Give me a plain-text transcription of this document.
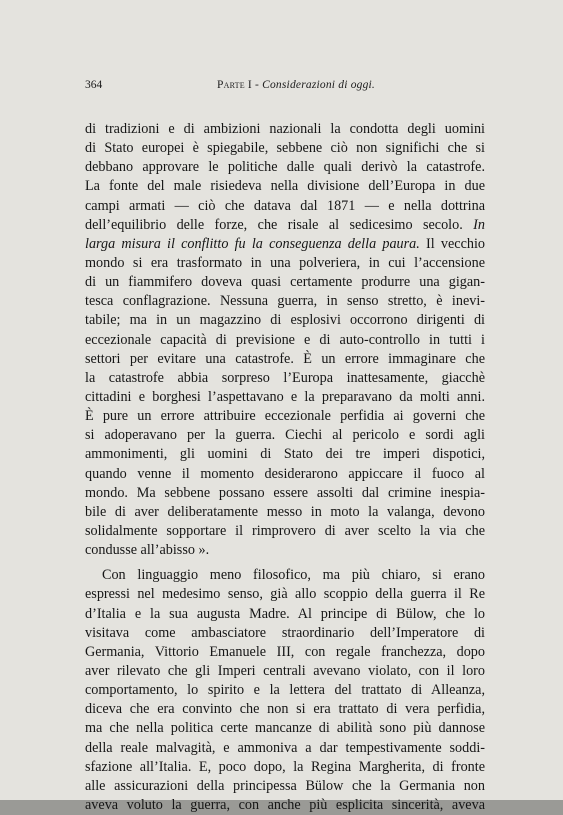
364	Parte I - Considerazioni di oggi.
di tradizioni e di ambizioni nazionali la condotta degli uomini
di Stato europei è spiegabile, sebbene ciò non significhi che si
debbano approvare le politiche dalle quali derivò la catastrofe.
La fonte del male risiedeva nella divisione dell’Europa in due
campi armati — ciò che datava dal 1871 — e nella dottrina
dell’equilibrio delle forze, che risale al sedicesimo secolo. In
larga misura il conflitto fu la conseguenza della paura. Il vecchio
mondo si era trasformato in una polveriera, in cui l’accensione
di un fiammifero doveva quasi certamente produrre una gigan-
tesca conflagrazione. Nessuna guerra, in senso stretto, è inevi-
tabile; ma in un magazzino di esplosivi occorrono dirigenti di
eccezionale capacità di previsione e di auto-controllo in tutti i
settori per evitare una catastrofe. È un errore immaginare che
la catastrofe abbia sorpreso l’Europa inattesamente, giacchè
cittadini e borghesi l’aspettavano e la preparavano da molti anni.
È pure un errore attribuire eccezionale perfidia ai governi che
si adoperavano per la guerra. Ciechi al pericolo e sordi agli
ammonimenti, gli uomini di Stato dei tre imperi dispotici,
quando venne il momento desiderarono appiccare il fuoco al
mondo. Ma sebbene possano essere assolti dal crimine inespia-
bile di aver deliberatamente messo in moto la valanga, devono
solidalmente sopportare il rimprovero di aver scelto la via che
condusse all’abisso ».
Con linguaggio meno filosofico, ma più chiaro, si erano
espressi nel medesimo senso, già allo scoppio della guerra il Re
d’Italia e la sua augusta Madre. Al principe di Bülow, che lo
visitava come ambasciatore straordinario dell’Imperatore di
Germania, Vittorio Emanuele III, con regale franchezza, dopo
aver rilevato che gli Imperi centrali avevano violato, con il loro
comportamento, lo spirito e la lettera del trattato di Alleanza,
diceva che era convinto che non si era trattato di vera perfidia,
ma che nella politica certe mancanze di abilità sono più dannose
della reale malvagità, e ammoniva a dar tempestivamente soddi-
sfazione all’Italia. E, poco dopo, la Regina Margherita, di fronte
alle assicurazioni della principessa Bülow che la Germania non
aveva voluto la guerra, con anche più esplicita sincerità, aveva
